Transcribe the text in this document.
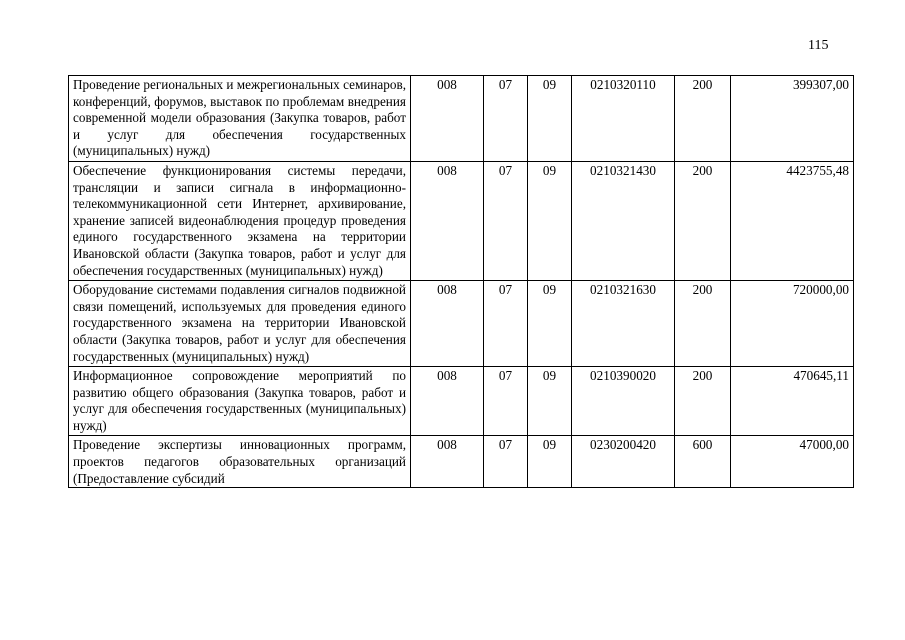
115
Проведение региональных и межрегиональных семинаров, конференций, форумов, выставок по проблемам внедрения современной модели образования (Закупка товаров, работ и услуг для обеспечения государственных (муниципальных) нужд)	008	07	09	0210320110	200	399307,00
Обеспечение функционирования системы передачи, трансляции и записи сигнала в информационно-телекоммуникационной сети Интернет, архивирование, хранение записей видеонаблюдения процедур проведения единого государственного экзамена на территории Ивановской области (Закупка товаров, работ и услуг для обеспечения государственных (муниципальных) нужд)	008	07	09	0210321430	200	4423755,48
Оборудование системами подавления сигналов подвижной связи помещений, используемых для проведения единого государственного экзамена на территории Ивановской области (Закупка товаров, работ и услуг для обеспечения государственных (муниципальных) нужд)	008	07	09	0210321630	200	720000,00
Информационное сопровождение мероприятий по развитию общего образования (Закупка товаров, работ и услуг для обеспечения государственных (муниципальных) нужд)	008	07	09	0210390020	200	470645,11

Проведение экспертизы инновационных программ, проектов педагогов образовательных организаций (Предоставление субсидий	008	07	09	0230200420	600	47000,00
